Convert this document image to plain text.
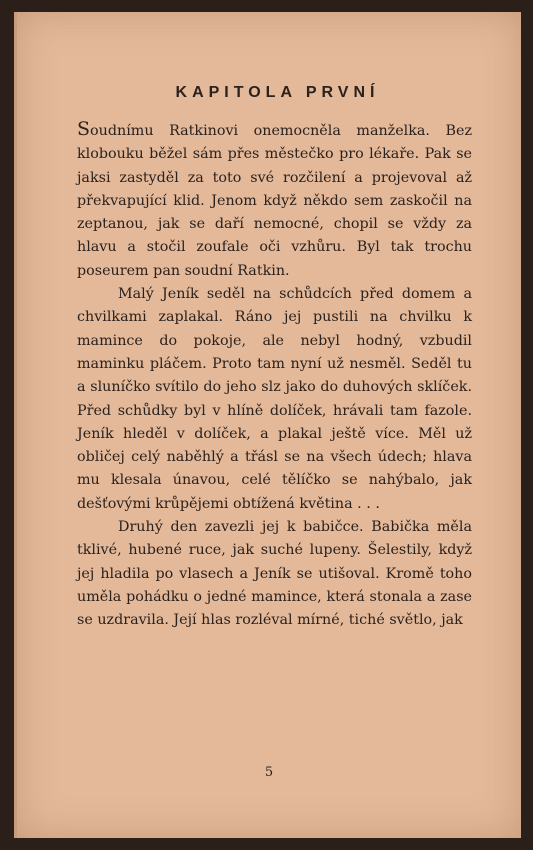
KAPITOLA PRVNÍ

Soudnímu Ratkinovi onemocněla manželka. Bez klobouku běžel sám přes městečko pro lékaře. Pak se jaksi zastyděl za toto své rozčilení a projevoval až překvapující klid. Jenom když někdo sem zaskočil na zeptanou, jak se daří nemocné, chopil se vždy za hlavu a stočil zoufale oči vzhůru. Byl tak trochu poseurem pan soudní Ratkin.

Malý Jeník seděl na schůdcích před domem a chvilkami zaplakal. Ráno jej pustili na chvilku k mamince do pokoje, ale nebyl hodný, vzbudil maminku pláčem. Proto tam nyní už nesměl. Seděl tu a sluníčko svítilo do jeho slz jako do duhových sklíček. Před schůdky byl v hlíně dolíček, hrávali tam fazole. Jeník hleděl v dolíček, a plakal ještě více. Měl už obličej celý naběhlý a třásl se na všech údech; hlava mu klesala únavou, celé tělíčko se nahýbalo, jak dešťovými krůpějemi obtížená květina . . .

Druhý den zavezli jej k babičce. Babička měla tklivé, hubené ruce, jak suché lupeny. Šelestily, když jej hladila po vlasech a Jeník se utišoval. Kromě toho uměla pohádku o jedné mamince, která stonala a zase se uzdravila. Její hlas rozléval mírné, tiché světlo, jak

5
